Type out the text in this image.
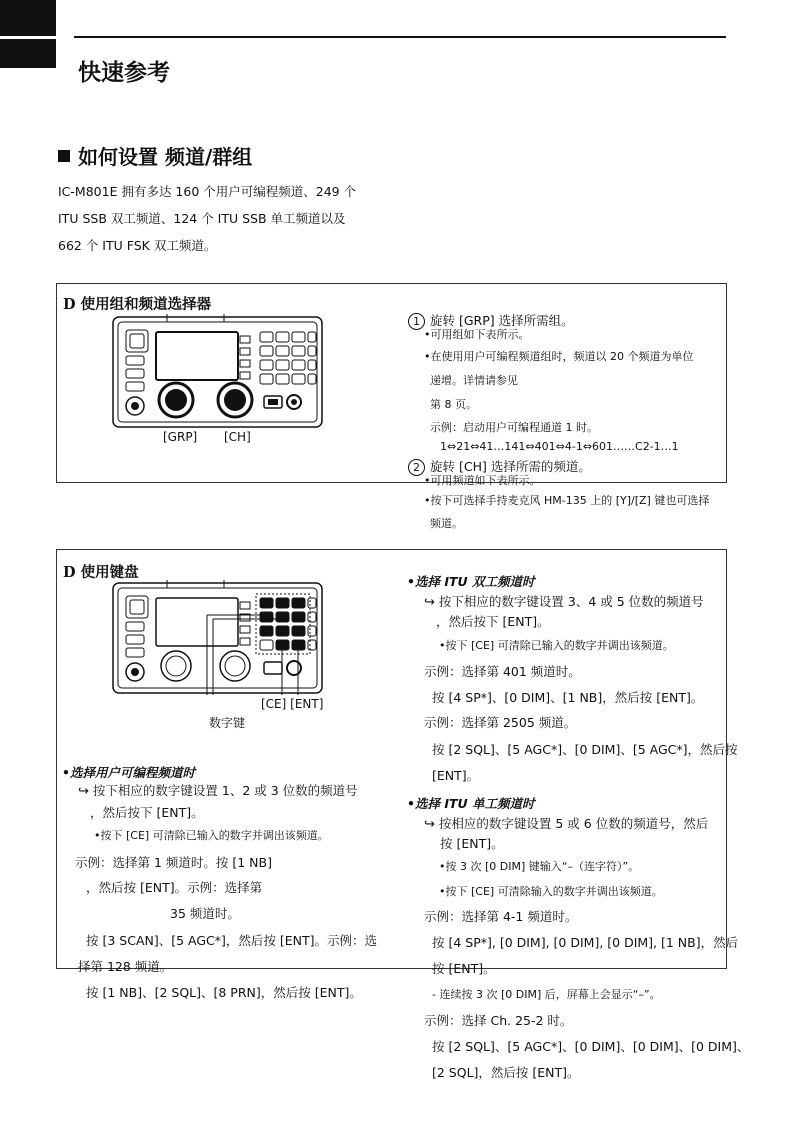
快速参考
如何设置 频道/群组

IC-M801E 拥有多达 160 个用户可编程频道、249 个

ITU SSB 双工频道、124 个 ITU SSB 单工频道以及

662 个 ITU FSK 双工频道。

D 使用组和频道选择器

[GRP] [CH]

1 旋转 [GRP] 选择所需组。

•可用组如下表所示。

•在使用用户可编程频道组时，频道以 20 个频道为单位

递增。详情请参见

第 8 页。

示例：启动用户可编程通道 1 时。

1⇔21⇔41…141⇔401⇔4-1⇔601……C2-1…1

2 旋转 [CH] 选择所需的频道。

•可用频道如下表所示。

•按下可选择手持麦克风 HM-135 上的 [Y]/[Z] 键也可选择

频道。

D 使用键盘

[CE] [ENT]
数字键

•选择用户可编程频道时

↪ 按下相应的数字键设置 1、2 或 3 位数的频道号

，然后按下 [ENT]。

•按下 [CE] 可清除已输入的数字并调出该频道。

示例：选择第 1 频道时。按 [1 NB]

，然后按 [ENT]。示例：选择第

35 频道时。

按 [3 SCAN]、[5 AGC*]，然后按 [ENT]。示例：选

择第 128 频道。

按 [1 NB]、[2 SQL]、[8 PRN]，然后按 [ENT]。

•选择 ITU 双工频道时

↪ 按下相应的数字键设置 3、4 或 5 位数的频道号

，然后按下 [ENT]。

•按下 [CE] 可清除已输入的数字并调出该频道。

示例：选择第 401 频道时。

按 [4 SP*]、[0 DIM]、[1 NB]，然后按 [ENT]。

示例：选择第 2505 频道。

按 [2 SQL]、[5 AGC*]、[0 DIM]、[5 AGC*]，然后按

[ENT]。

•选择 ITU 单工频道时

↪ 按相应的数字键设置 5 或 6 位数的频道号，然后

按 [ENT]。

•按 3 次 [0 DIM] 键输入“–（连字符）”。

•按下 [CE] 可清除输入的数字并调出该频道。

示例：选择第 4-1 频道时。

按 [4 SP*], [0 DIM], [0 DIM], [0 DIM], [1 NB]，然后

按 [ENT]。

- 连续按 3 次 [0 DIM] 后，屏幕上会显示“–”。

示例：选择 Ch. 25-2 时。

按 [2 SQL]、[5 AGC*]、[0 DIM]、[0 DIM]、[0 DIM]、

[2 SQL]，然后按 [ENT]。
